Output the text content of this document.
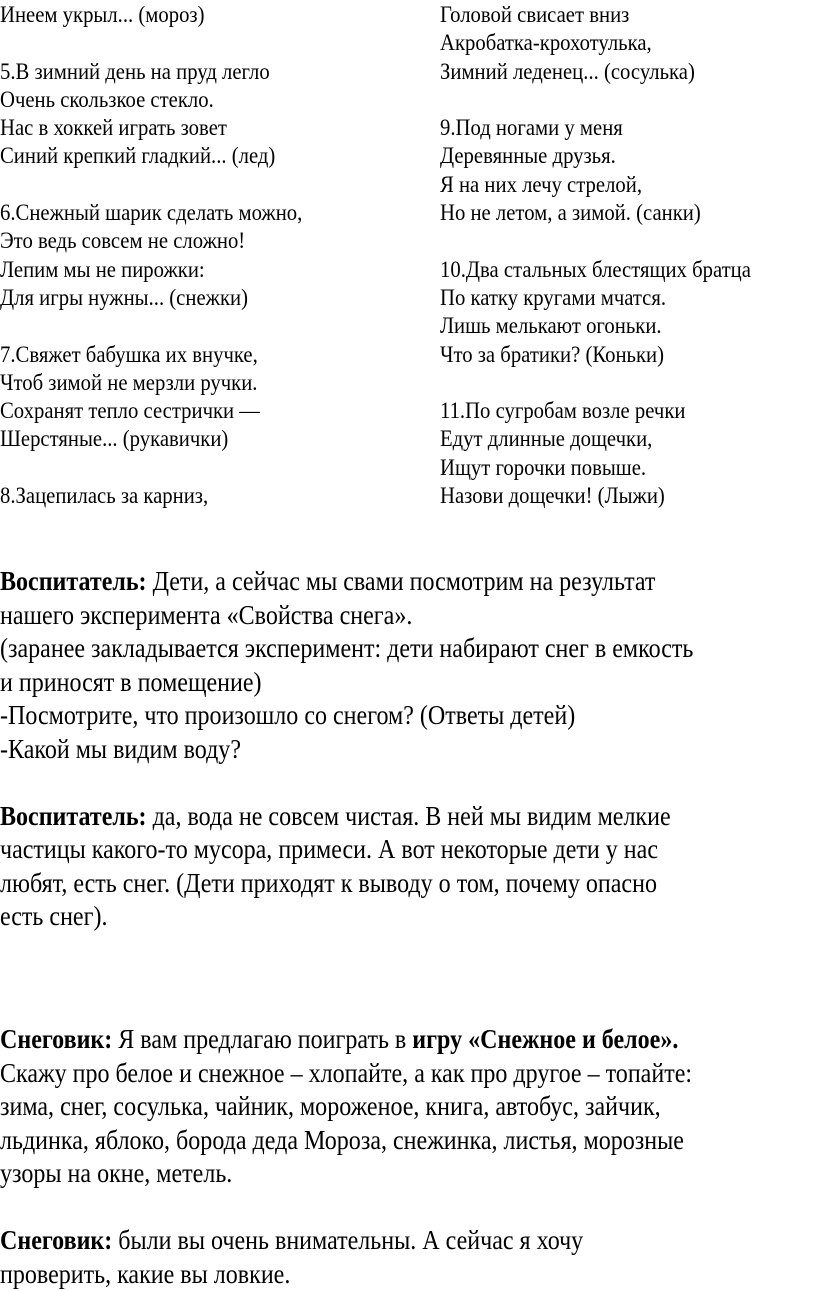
Инеем укрыл... (мороз)
5.В зимний день на пруд легло
Очень скользкое стекло.
Нас в хоккей играть зовет
Синий крепкий гладкий... (лед)
6.Снежный шарик сделать можно,
Это ведь совсем не сложно!
Лепим мы не пирожки:
Для игры нужны... (снежки)
7.Свяжет бабушка их внучке,
Чтоб зимой не мерзли ручки.
Сохранят тепло сестрички —
Шерстяные... (рукавички)
8.Зацепилась за карниз,
Головой свисает вниз
Акробатка-крохотулька,
Зимний леденец... (сосулька)
9.Под ногами у меня
Деревянные друзья.
Я на них лечу стрелой,
Но не летом, а зимой. (санки)
10.Два стальных блестящих братца
По катку кругами мчатся.
Лишь мелькают огоньки.
Что за братики? (Коньки)
11.По сугробам возле речки
Едут длинные дощечки,
Ищут горочки повыше.
Назови дощечки! (Лыжи)
Воспитатель: Дети, а сейчас мы свами посмотрим на результат
нашего эксперимента «Свойства снега».
(заранее закладывается эксперимент: дети набирают снег в емкость
и приносят в помещение)
-Посмотрите, что произошло со снегом? (Ответы детей)
-Какой мы видим воду?
Воспитатель: да, вода не совсем чистая. В ней мы видим мелкие
частицы какого-то мусора, примеси. А вот некоторые дети у нас
любят, есть снег. (Дети приходят к выводу о том, почему опасно
есть снег).
Снеговик: Я вам предлагаю поиграть в игру «Снежное и белое».
Скажу про белое и снежное – хлопайте, а как про другое – топайте:
зима, снег, сосулька, чайник, мороженое, книга, автобус, зайчик,
льдинка, яблоко, борода деда Мороза, снежинка, листья, морозные
узоры на окне, метель.
Снеговик: были вы очень внимательны. А сейчас я хочу
проверить, какие вы ловкие.
